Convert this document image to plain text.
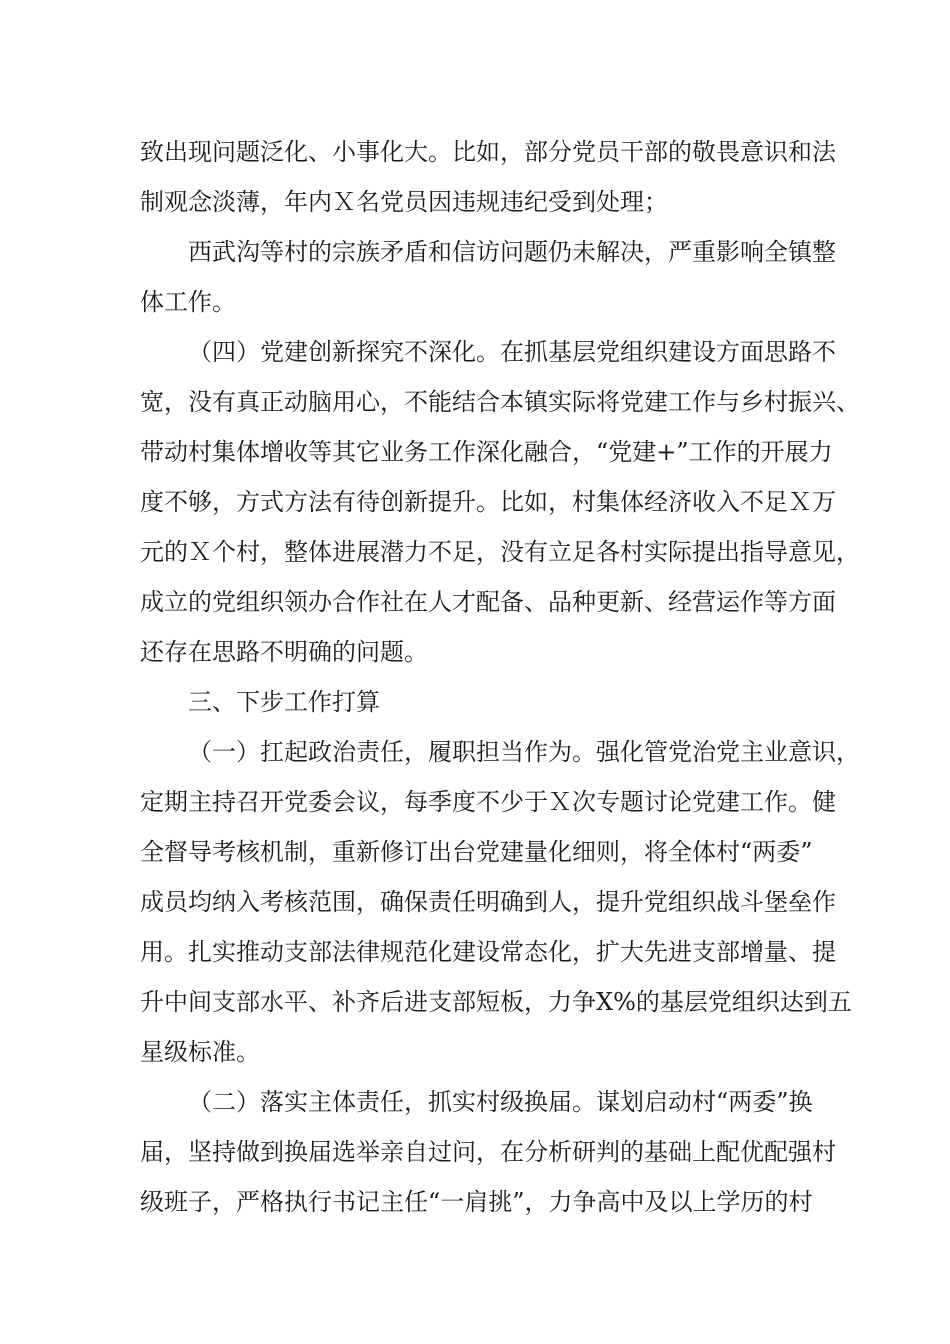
致出现问题泛化、小事化大。比如，部分党员干部的敬畏意识和法
制观念淡薄，年内Ｘ名党员因违规违纪受到处理；
西武沟等村的宗族矛盾和信访问题仍未解决，严重影响全镇整
体工作。
（四）党建创新探究不深化。在抓基层党组织建设方面思路不
宽，没有真正动脑用心，不能结合本镇实际将党建工作与乡村振兴、
带动村集体增收等其它业务工作深化融合，“党建+”工作的开展力
度不够，方式方法有待创新提升。比如，村集体经济收入不足Ｘ万
元的Ｘ个村，整体进展潜力不足，没有立足各村实际提出指导意见，
成立的党组织领办合作社在人才配备、品种更新、经营运作等方面
还存在思路不明确的问题。
三、下步工作打算
（一）扛起政治责任，履职担当作为。强化管党治党主业意识，
定期主持召开党委会议，每季度不少于Ｘ次专题讨论党建工作。健
全督导考核机制，重新修订出台党建量化细则，将全体村“两委”
成员均纳入考核范围，确保责任明确到人，提升党组织战斗堡垒作
用。扎实推动支部法律规范化建设常态化，扩大先进支部增量、提
升中间支部水平、补齐后进支部短板，力争X%的基层党组织达到五
星级标准。
（二）落实主体责任，抓实村级换届。谋划启动村“两委”换
届，坚持做到换届选举亲自过问，在分析研判的基础上配优配强村
级班子，严格执行书记主任“一肩挑”，力争高中及以上学历的村
